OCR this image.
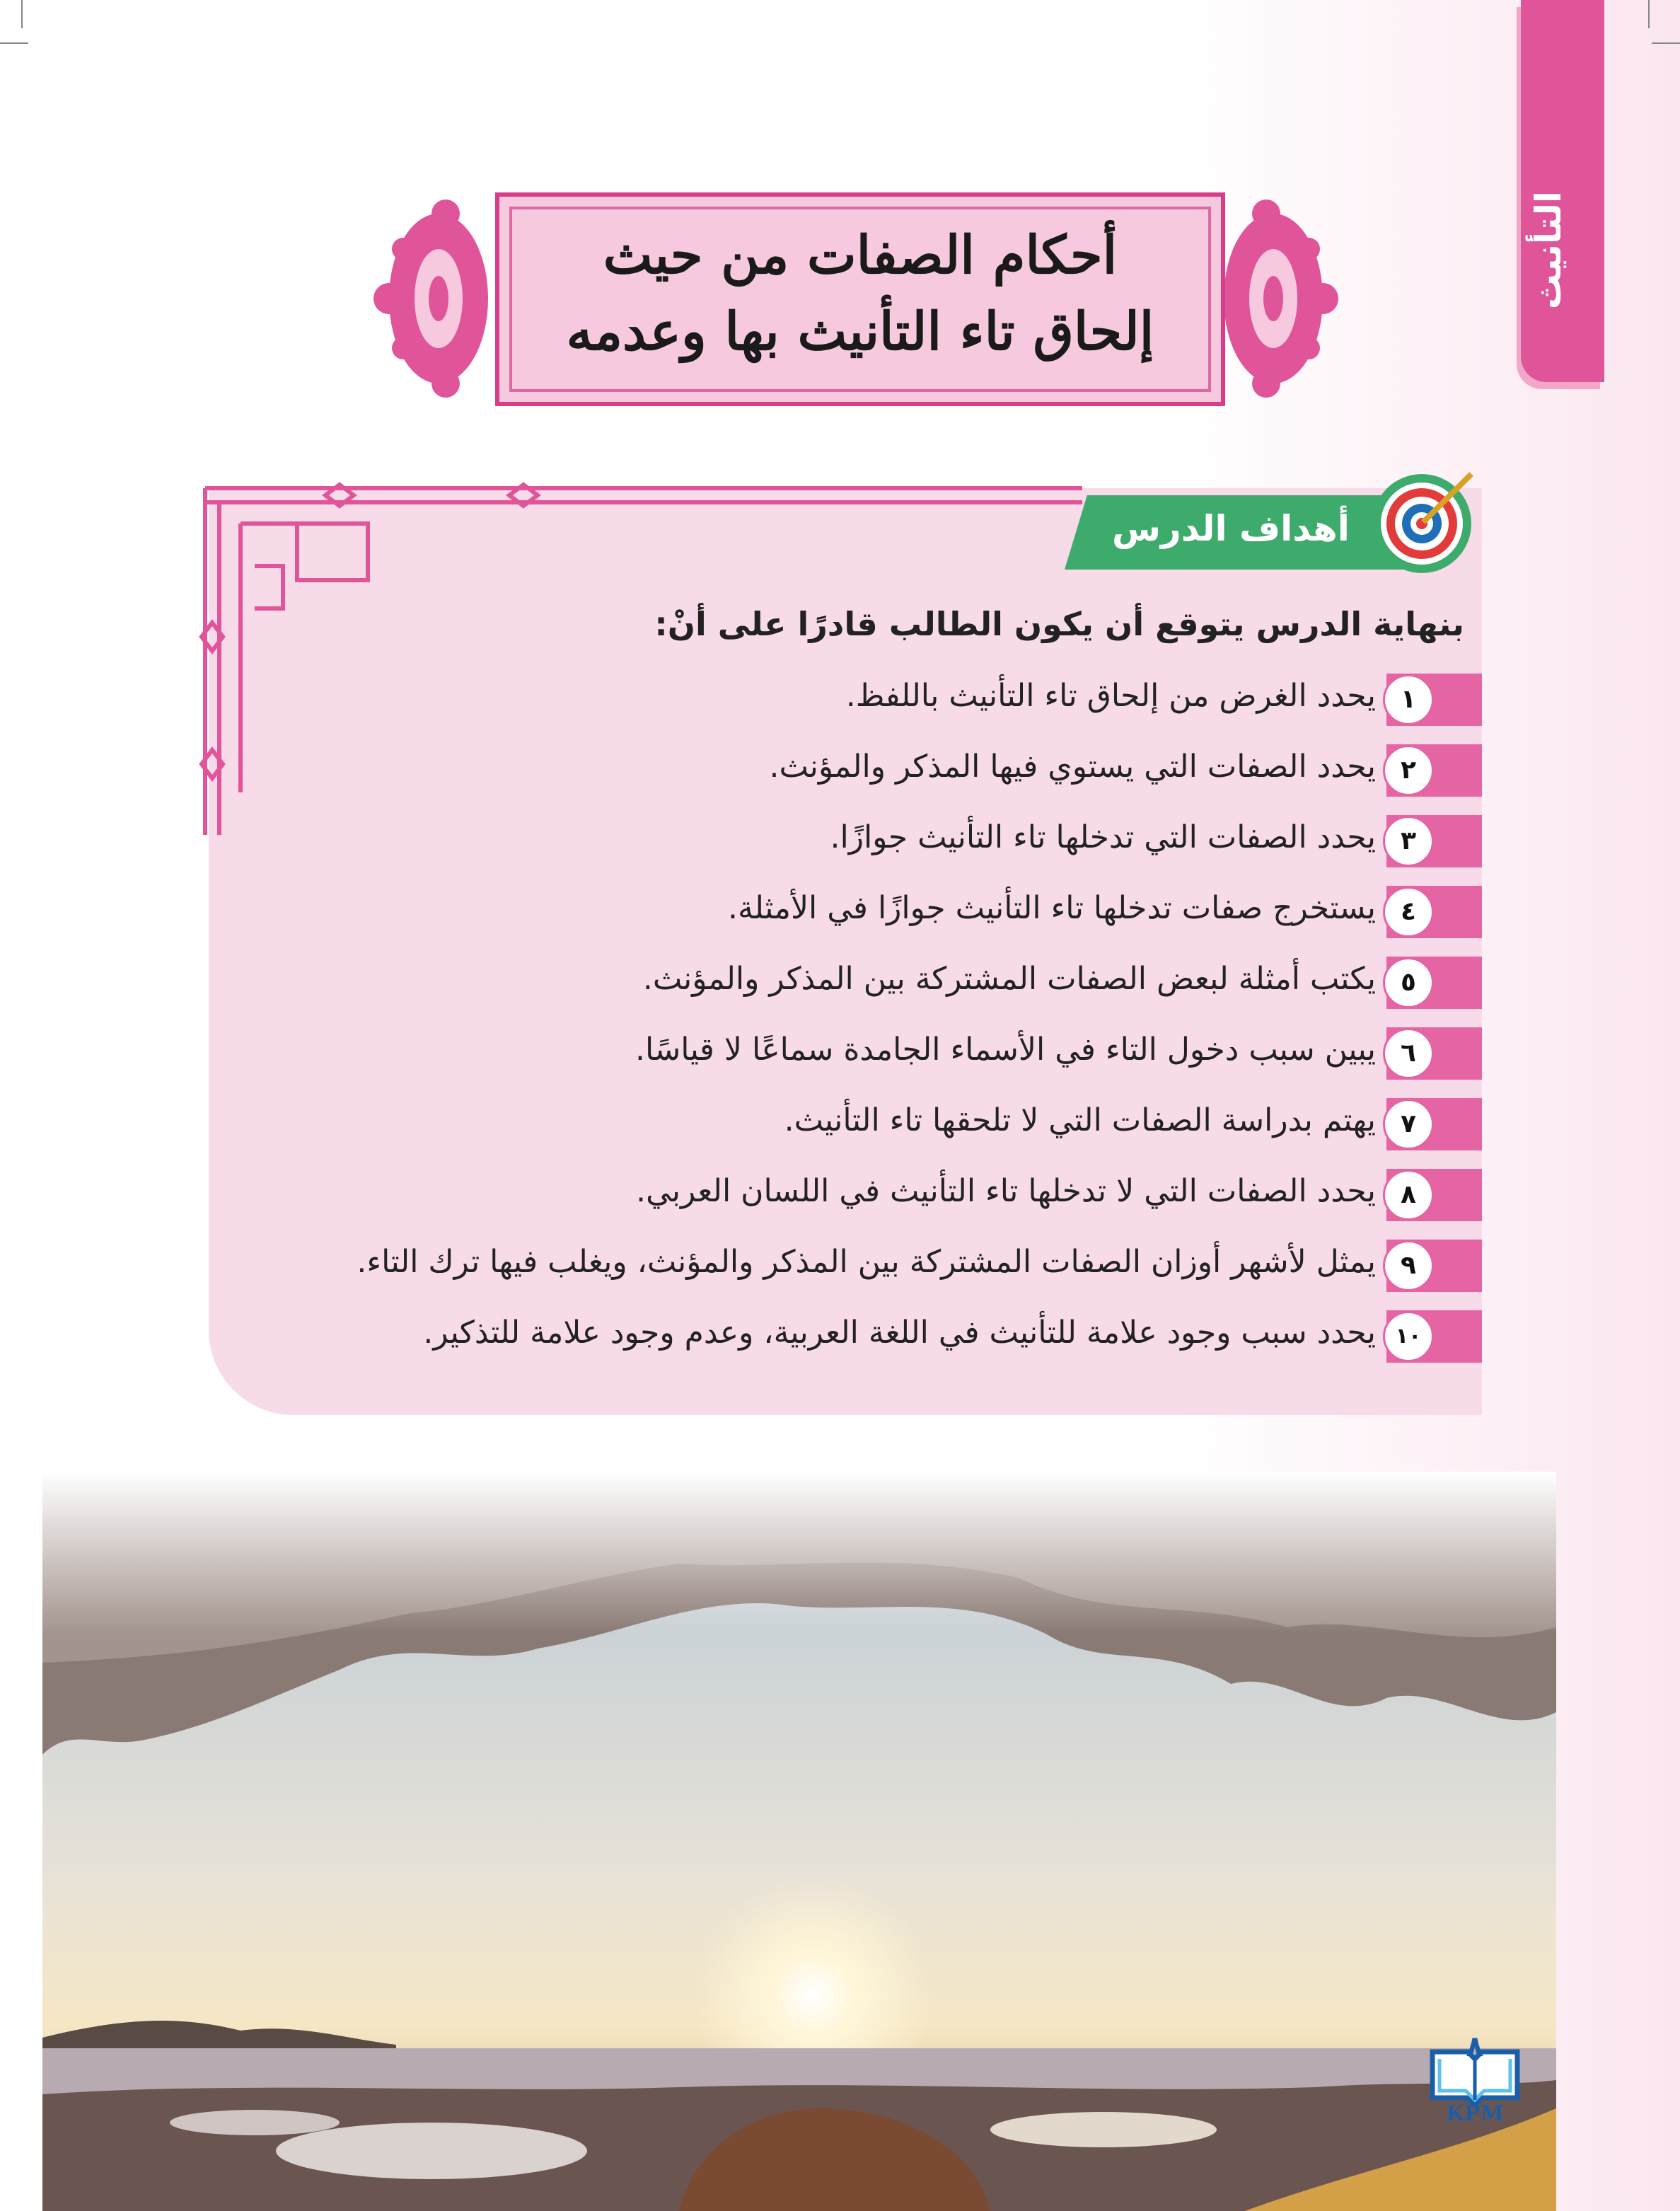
التأنيث
أحكام الصفات من حيث
إلحاق تاء التأنيث بها وعدمه
أهداف الدرس
بنهاية الدرس يتوقع أن يكون الطالب قادرًا على أنْ:
١
يحدد الغرض من إلحاق تاء التأنيث باللفظ.
٢
يحدد الصفات التي يستوي فيها المذكر والمؤنث.
٣
يحدد الصفات التي تدخلها تاء التأنيث جوازًا.
٤
يستخرج صفات تدخلها تاء التأنيث جوازًا في الأمثلة.
٥
يكتب أمثلة لبعض الصفات المشتركة بين المذكر والمؤنث.
٦
يبين سبب دخول التاء في الأسماء الجامدة سماعًا لا قياسًا.
٧
يهتم بدراسة الصفات التي لا تلحقها تاء التأنيث.
٨
يحدد الصفات التي لا تدخلها تاء التأنيث في اللسان العربي.
٩
يمثل لأشهر أوزان الصفات المشتركة بين المذكر والمؤنث، ويغلب فيها ترك التاء.
١٠
يحدد سبب وجود علامة للتأنيث في اللغة العربية، وعدم وجود علامة للتذكير.
٨
KPM
